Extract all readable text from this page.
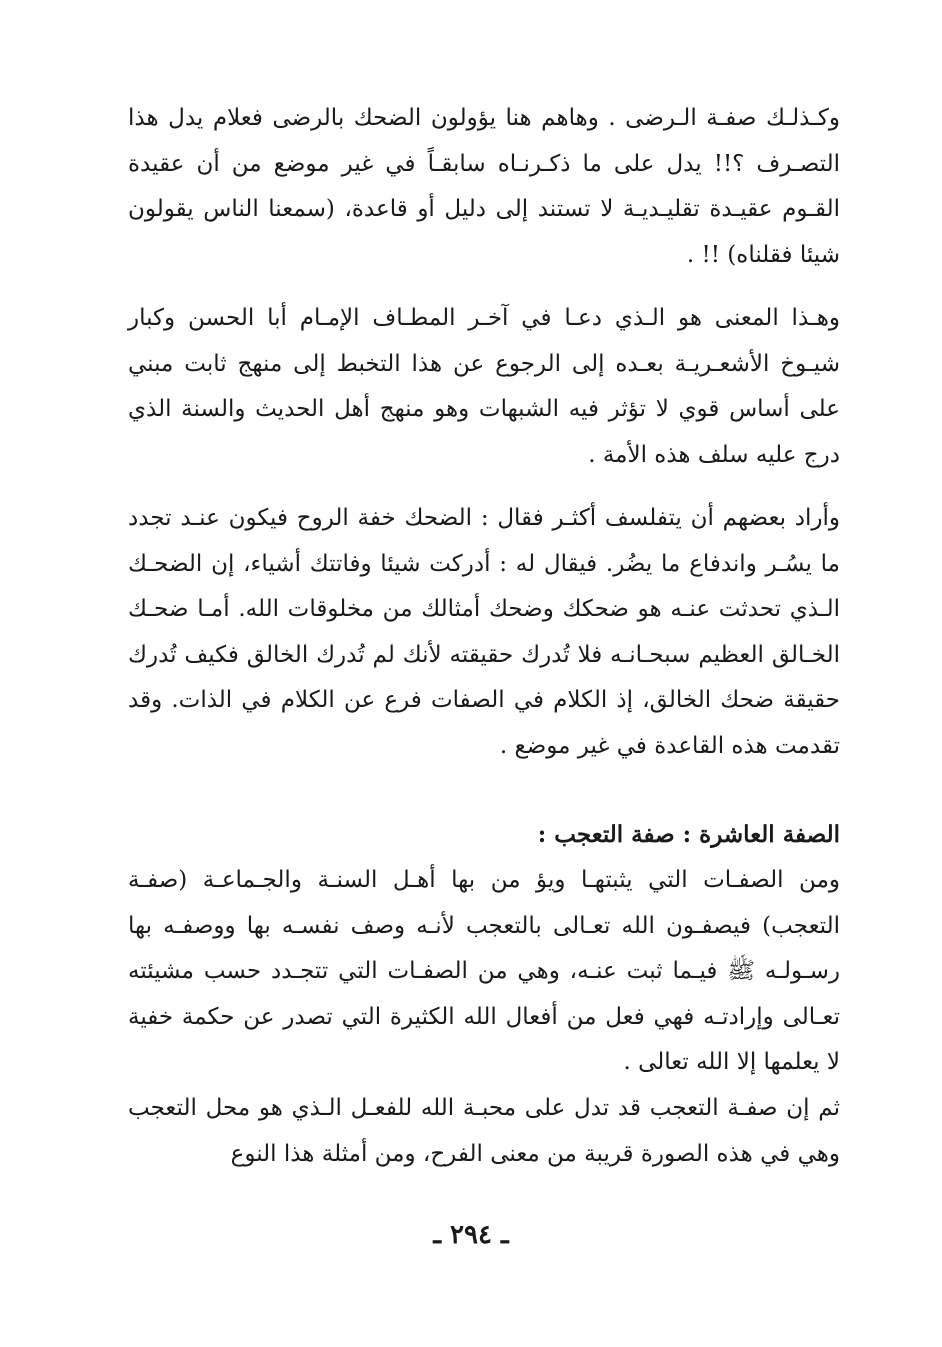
وكـذلـك صفـة الـرضى . وهاهم هنا يؤولون الضحك بالرضى فعلام يدل هذا التصـرف ؟!! يدل على ما ذكـرنـاه سابقـاً في غير موضع من أن عقيدة القـوم عقيـدة تقليـديـة لا تستند إلى دليل أو قاعدة، (سمعنا الناس يقولون شيئا فقلناه) !! .

وهـذا المعنى هو الـذي دعـا في آخـر المطـاف الإمـام أبا الحسن وكبار شيـوخ الأشعـريـة بعـده إلى الرجوع عن هذا التخبط إلى منهج ثابت مبني على أساس قوي لا تؤثر فيه الشبهات وهو منهج أهل الحديث والسنة الذي درج عليه سلف هذه الأمة .

وأراد بعضهم أن يتفلسف أكثـر فقال : الضحك خفة الروح فيكون عنـد تجدد ما يسُـر واندفاع ما يضُر. فيقال له : أدركت شيئا وفاتتك أشياء، إن الضحـك الـذي تحدثت عنـه هو ضحكك وضحك أمثالك من مخلوقات الله. أمـا ضحـك الخـالق العظيم سبحـانـه فلا تُدرك حقيقته لأنك لم تُدرك الخالق فكيف تُدرك حقيقة ضحك الخالق، إذ الكلام في الصفات فرع عن الكلام في الذات. وقد تقدمت هذه القاعدة في غير موضع .

الصفة العاشرة : صفة التعجب :

ومن الصفـات التي يثبتهـا ويؤ من بها أهـل السنـة والجـماعـة (صفـة التعجب) فيصفـون الله تعـالى بالتعجب لأنـه وصف نفسـه بها ووصفـه بها رسـولـه ﷺ فيـما ثبت عنـه، وهي من الصفـات التي تتجـدد حسب مشيئته تعـالى وإرادتـه فهي فعل من أفعال الله الكثيرة التي تصدر عن حكمة خفية لا يعلمها إلا الله تعالى .

ثم إن صفـة التعجب قد تدل على محبـة الله للفعـل الـذي هو محل التعجب وهي في هذه الصورة قريبة من معنى الفرح، ومن أمثلة هذا النوع

ـ ٢٩٤ ـ
